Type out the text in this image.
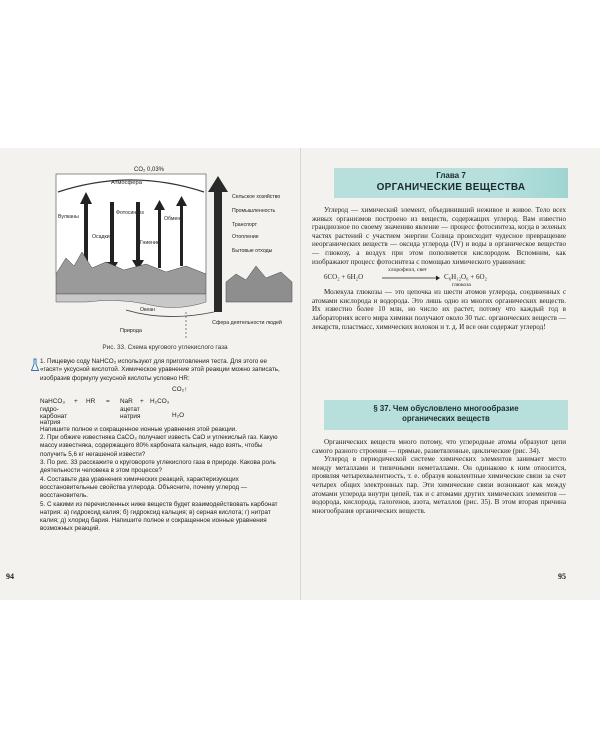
CO₂ 0,03%
Атмосфера
Вулканы
Фотосинтез
Обмен
Осадки
Гниение
Океан
Природа
Сфера деятельности людей
Сельское хозяйство
Промышленность
Транспорт
Отопление
Бытовые отходы
Рис. 33. Схема кругового углекислого газа

1. Пищевую соду NaHCO₃ используют для приготовления теста. Для этого ее «гасят» уксусной кислотой. Химическое уравнение этой реакции можно записать, изобразив формулу уксусной кислоты условно HR:

CO₂↑
NaHCO₃ + HR = NaR + H₂CO₃
гидро-
карбонат
ацетат
натрия
натрия
H₂O

Напишите полное и сокращенное ионные уравнения этой реакции.

2. При обжиге известняка CaCO₃ получают известь CaO и углекислый газ. Какую массу известняка, содержащего 80% карбоната кальция, надо взять, чтобы получить 5,6 кг негашеной извести?

3. По рис. 33 расскажите о круговороте углекислого газа в природе. Какова роль деятельности человека в этом процессе?

4. Составьте два уравнения химических реакций, характеризующих восстановительные свойства углерода. Объясните, почему углерод — восстановитель.

5. С какими из перечисленных ниже веществ будет взаимодействовать карбонат натрия: а) гидроксид калия; б) гидроксид кальция; в) серная кислота; г) нитрат калия; д) хлорид бария. Напишите полное и сокращенное ионные уравнения возможных реакций.

94
Глава 7
ОРГАНИЧЕСКИЕ ВЕЩЕСТВА

Углерод — химический элемент, объединивший неживое и живое. Тело всех живых организмов построено из веществ, содержащих углерод. Вам известно грандиозное по своему значению явление — процесс фотосинтеза, когда в зеленых частях растений с участием энергии Солнца происходит чудесное превращение неорганических веществ — оксида углерода (IV) и воды в органическое вещество — глюкозу, а воздух при этом пополняется кислородом. Вспомним, как изображают процесс фотосинтеза с помощью химического уравнения:

хлорофилл, свет
6CO₂ + 6H₂O	C₆H₁₂O₆ + 6O₂
глюкоза

Молекула глюкозы — это цепочка из шести атомов углерода, соединенных с атомами кислорода и водорода. Это лишь одно из многих органических веществ. Их известно более 10 млн, но число их растет, потому что каждый год в лабораториях всего мира химики получают около 30 тыс. органических веществ — лекарств, пластмасс, химических волокон и т. д. И все они содержат углерод!

§ 37. Чем обусловлено многообразие
органических веществ

Органических веществ много потому, что углеродные атомы образуют цепи самого разного строения — прямые, разветвленные, циклические (рис. 34).

Углерод в периодической системе химических элементов занимает место между металлами и типичными неметаллами. Он одинаково к ним относится, проявляя четырехвалентность, т. е. образуя ковалентные химические связи за счет четырех общих электронных пар. Эти химические связи возникают как между атомами углерода внутри цепей, так и с атомами других химических элементов — водорода, кислорода, галогенов, азота, металлов (рис. 35). В этом вторая причина многообразия органических веществ.

95
